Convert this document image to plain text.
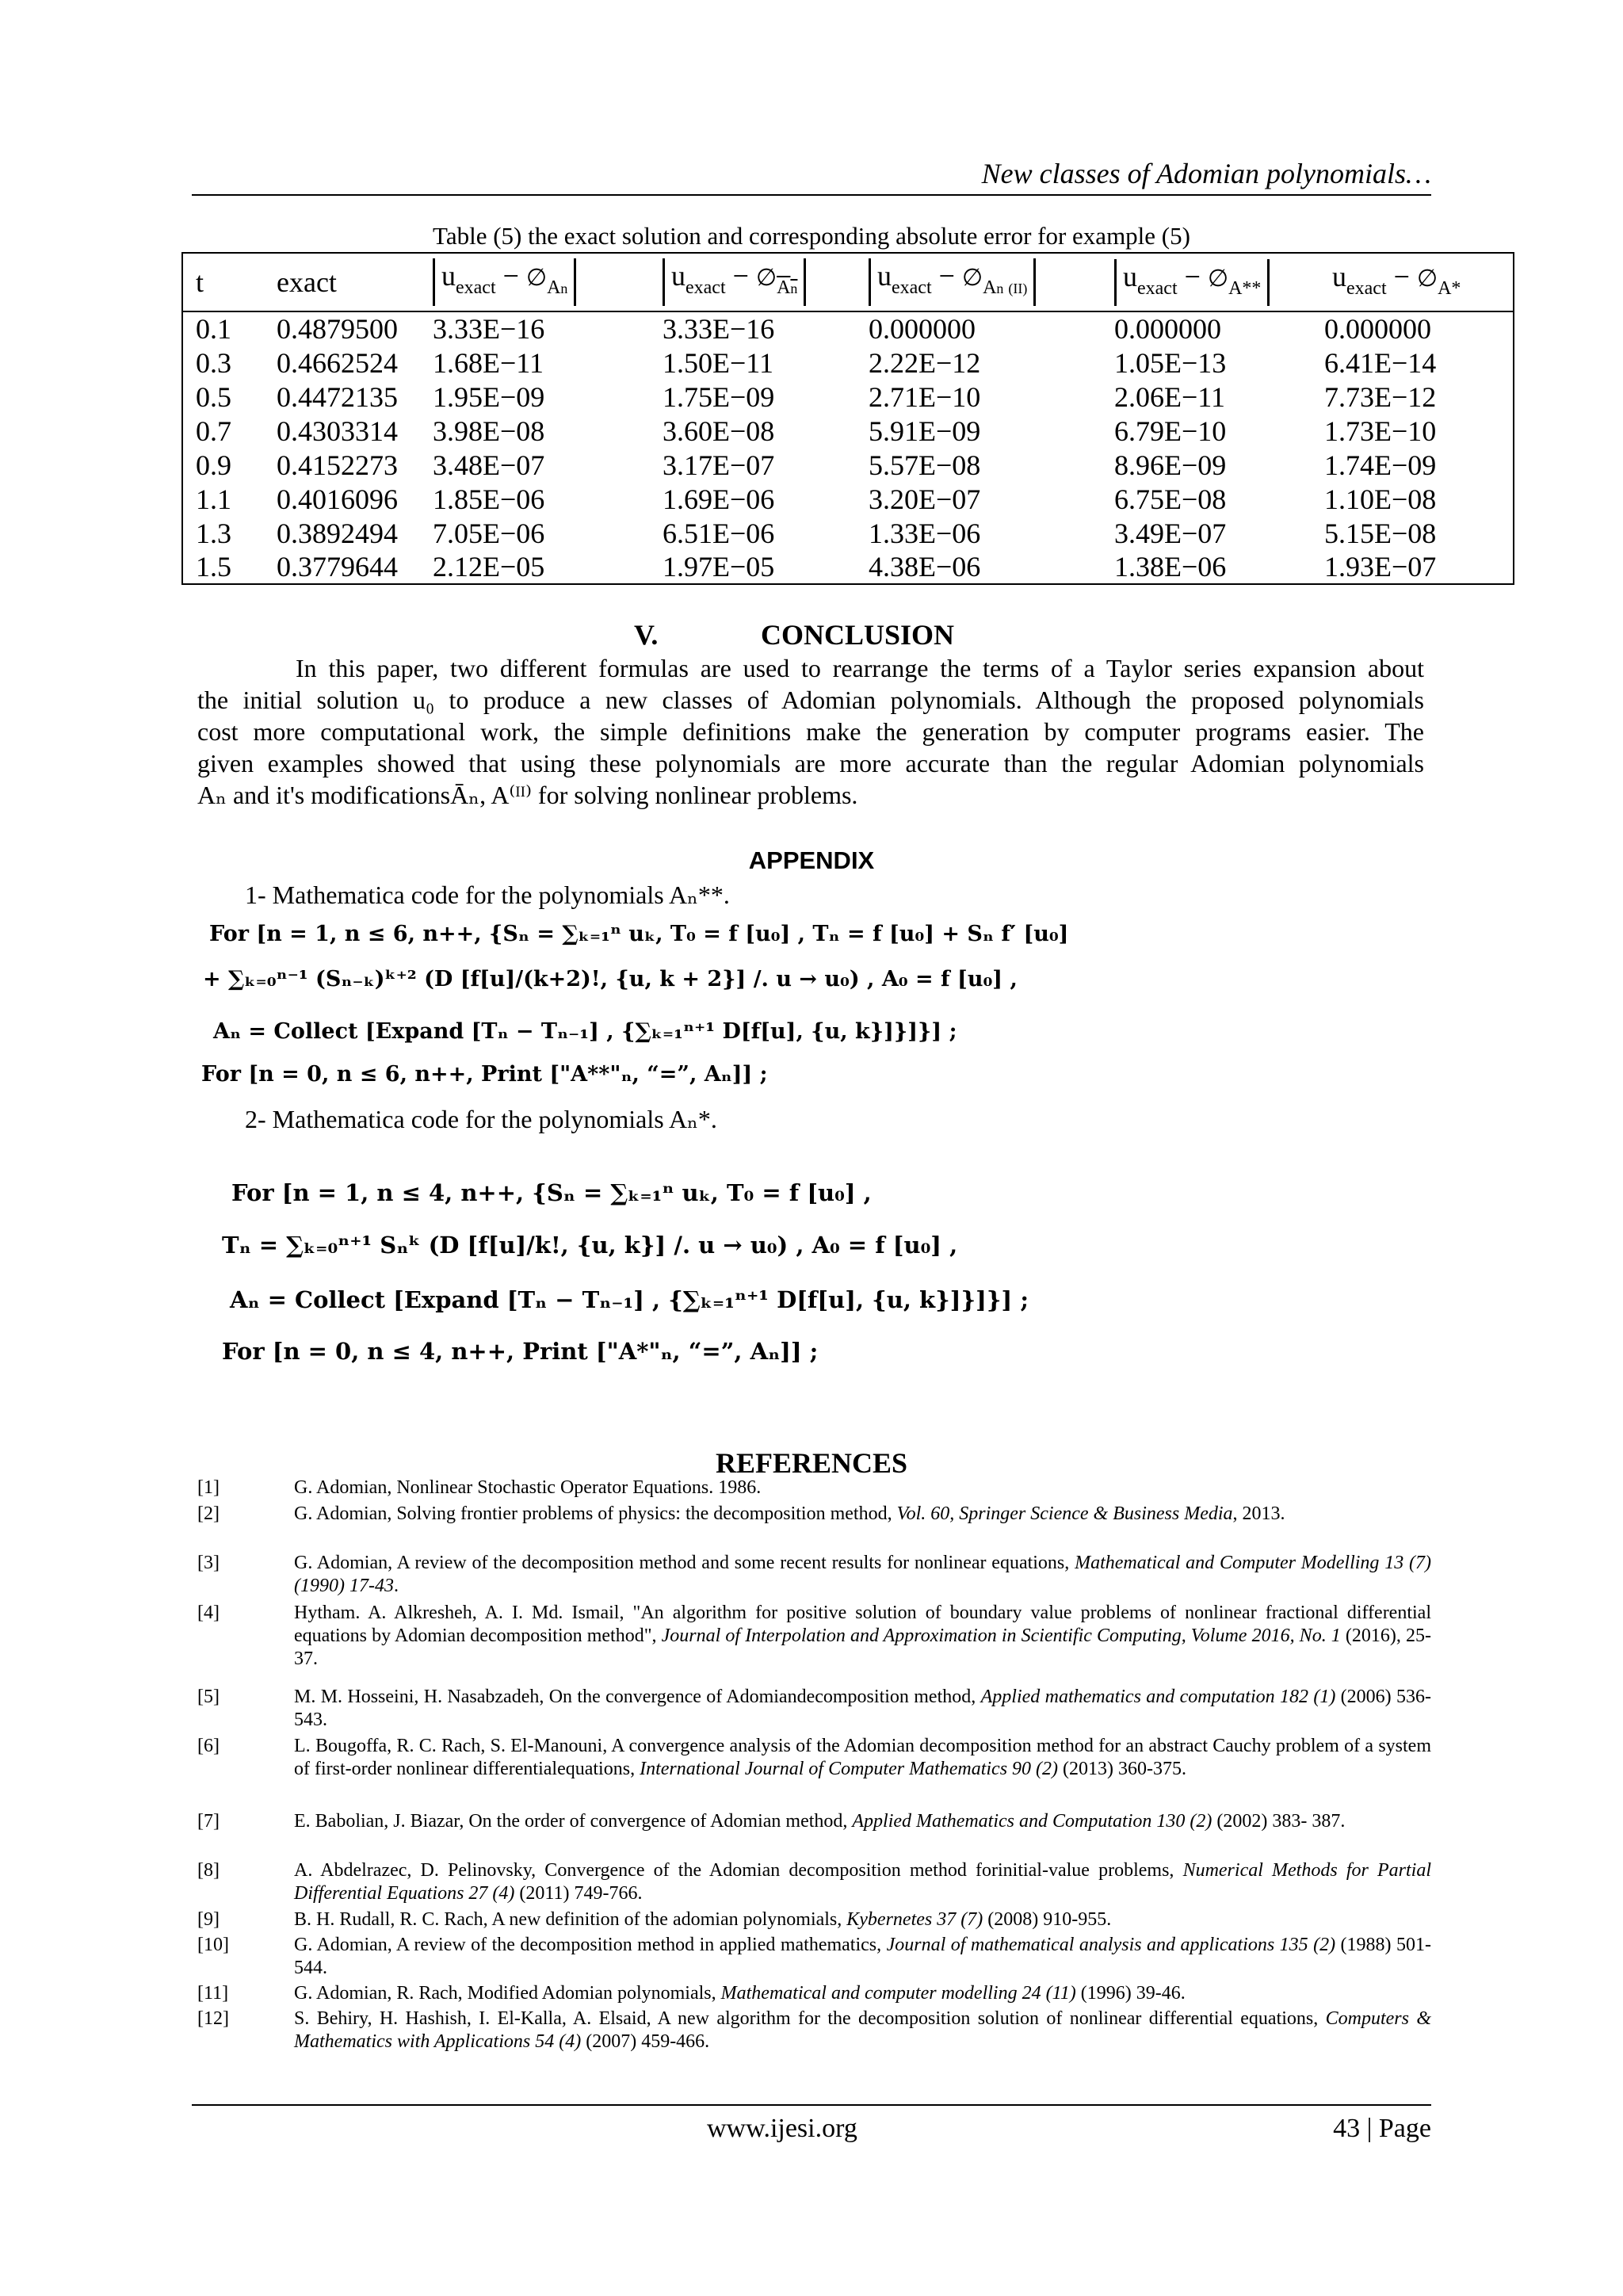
New classes of Adomian polynomials…
Table (5) the exact solution and corresponding absolute error for example (5)
t	exact	$u_{exact}$ − $\emptyset_{An}$	$u_{exact}$ − $\emptyset_{An}$	$u_{exact}$ − $\emptyset_{An (II)}$	$u_{exact}$ − $\emptyset_{A**}$	$u_{exact}$ − $\emptyset_{A*}$
0.1	0.4879500	3.33E−16	3.33E−16	0.000000	0.000000	0.000000
0.3	0.4662524	1.68E−11	1.50E−11	2.22E−12	1.05E−13	6.41E−14
0.5	0.4472135	1.95E−09	1.75E−09	2.71E−10	2.06E−11	7.73E−12
0.7	0.4303314	3.98E−08	3.60E−08	5.91E−09	6.79E−10	1.73E−10
0.9	0.4152273	3.48E−07	3.17E−07	5.57E−08	8.96E−09	1.74E−09
1.1	0.4016096	1.85E−06	1.69E−06	3.20E−07	6.75E−08	1.10E−08
1.3	0.3892494	7.05E−06	6.51E−06	1.33E−06	3.49E−07	5.15E−08
1.5	0.3779644	2.12E−05	1.97E−05	4.38E−06	1.38E−06	1.93E−07
V.	CONCLUSION
In this paper, two different formulas are used to rearrange the terms of a Taylor series expansion about
the initial solution u₀ to produce a new classes of Adomian polynomials. Although the proposed polynomials
cost more computational work, the simple definitions make the generation by computer programs easier. The
given examples showed that using these polynomials are more accurate than the regular Adomian polynomials
Aₙ and it's modificationsĀₙ, A⁽ᴵᴵ⁾ for solving nonlinear problems.
APPENDIX
1- Mathematica code for the polynomials Aₙ**.
For [n = 1, n ≤ 6, n++, {Sₙ = ∑ₖ₌₁ⁿ uₖ, T₀ = f [u₀] , Tₙ = f [u₀] + Sₙ f′ [u₀]
+ ∑ₖ₌₀ⁿ⁻¹ (Sₙ₋ₖ)ᵏ⁺² (D [f[u]/(k+2)!, {u, k + 2}] /. u → u₀) , A₀ = f [u₀] ,
Aₙ = Collect [Expand [Tₙ − Tₙ₋₁] , {∑ₖ₌₁ⁿ⁺¹ D[f[u], {u, k}]}]}] ;
For [n = 0, n ≤ 6, n++, Print ["A**"ₙ, “=”, Aₙ]] ;
2- Mathematica code for the polynomials Aₙ*.
For [n = 1, n ≤ 4, n++, {Sₙ = ∑ₖ₌₁ⁿ uₖ, T₀ = f [u₀] ,
Tₙ = ∑ₖ₌₀ⁿ⁺¹ Sₙᵏ (D [f[u]/k!, {u, k}] /. u → u₀) , A₀ = f [u₀] ,
Aₙ = Collect [Expand [Tₙ − Tₙ₋₁] , {∑ₖ₌₁ⁿ⁺¹ D[f[u], {u, k}]}]}] ;
For [n = 0, n ≤ 4, n++, Print ["A*"ₙ, “=”, Aₙ]] ;
REFERENCES
[1]	G. Adomian, Nonlinear Stochastic Operator Equations. 1986.
[2]	G. Adomian, Solving frontier problems of physics: the decomposition method, Vol. 60, Springer Science & Business Media, 2013.
[3]	G. Adomian, A review of the decomposition method and some recent results for nonlinear equations, Mathematical and Computer Modelling 13 (7) (1990) 17-43.
[4]	Hytham. A. Alkresheh, A. I. Md. Ismail, "An algorithm for positive solution of boundary value problems of nonlinear fractional differential equations by Adomian decomposition method", Journal of Interpolation and Approximation in Scientific Computing, Volume 2016, No. 1 (2016), 25-37.
[5]	M. M. Hosseini, H. Nasabzadeh, On the convergence of Adomiandecomposition method, Applied mathematics and computation 182 (1) (2006) 536-543.
[6]	L. Bougoffa, R. C. Rach, S. El-Manouni, A convergence analysis of the Adomian decomposition method for an abstract Cauchy problem of a system of first-order nonlinear differentialequations, International Journal of Computer Mathematics 90 (2) (2013) 360-375.
[7]	E. Babolian, J. Biazar, On the order of convergence of Adomian method, Applied Mathematics and Computation 130 (2) (2002) 383- 387.
[8]	A. Abdelrazec, D. Pelinovsky, Convergence of the Adomian decomposition method forinitial-value problems, Numerical Methods for Partial Differential Equations 27 (4) (2011) 749-766.
[9]	B. H. Rudall, R. C. Rach, A new definition of the adomian polynomials, Kybernetes 37 (7) (2008) 910-955.
[10]	G. Adomian, A review of the decomposition method in applied mathematics, Journal of mathematical analysis and applications 135 (2) (1988) 501-544.
[11]	G. Adomian, R. Rach, Modified Adomian polynomials, Mathematical and computer modelling 24 (11) (1996) 39-46.
[12]	S. Behiry, H. Hashish, I. El-Kalla, A. Elsaid, A new algorithm for the decomposition solution of nonlinear differential equations, Computers & Mathematics with Applications 54 (4) (2007) 459-466.
www.ijesi.org	43 | Page
